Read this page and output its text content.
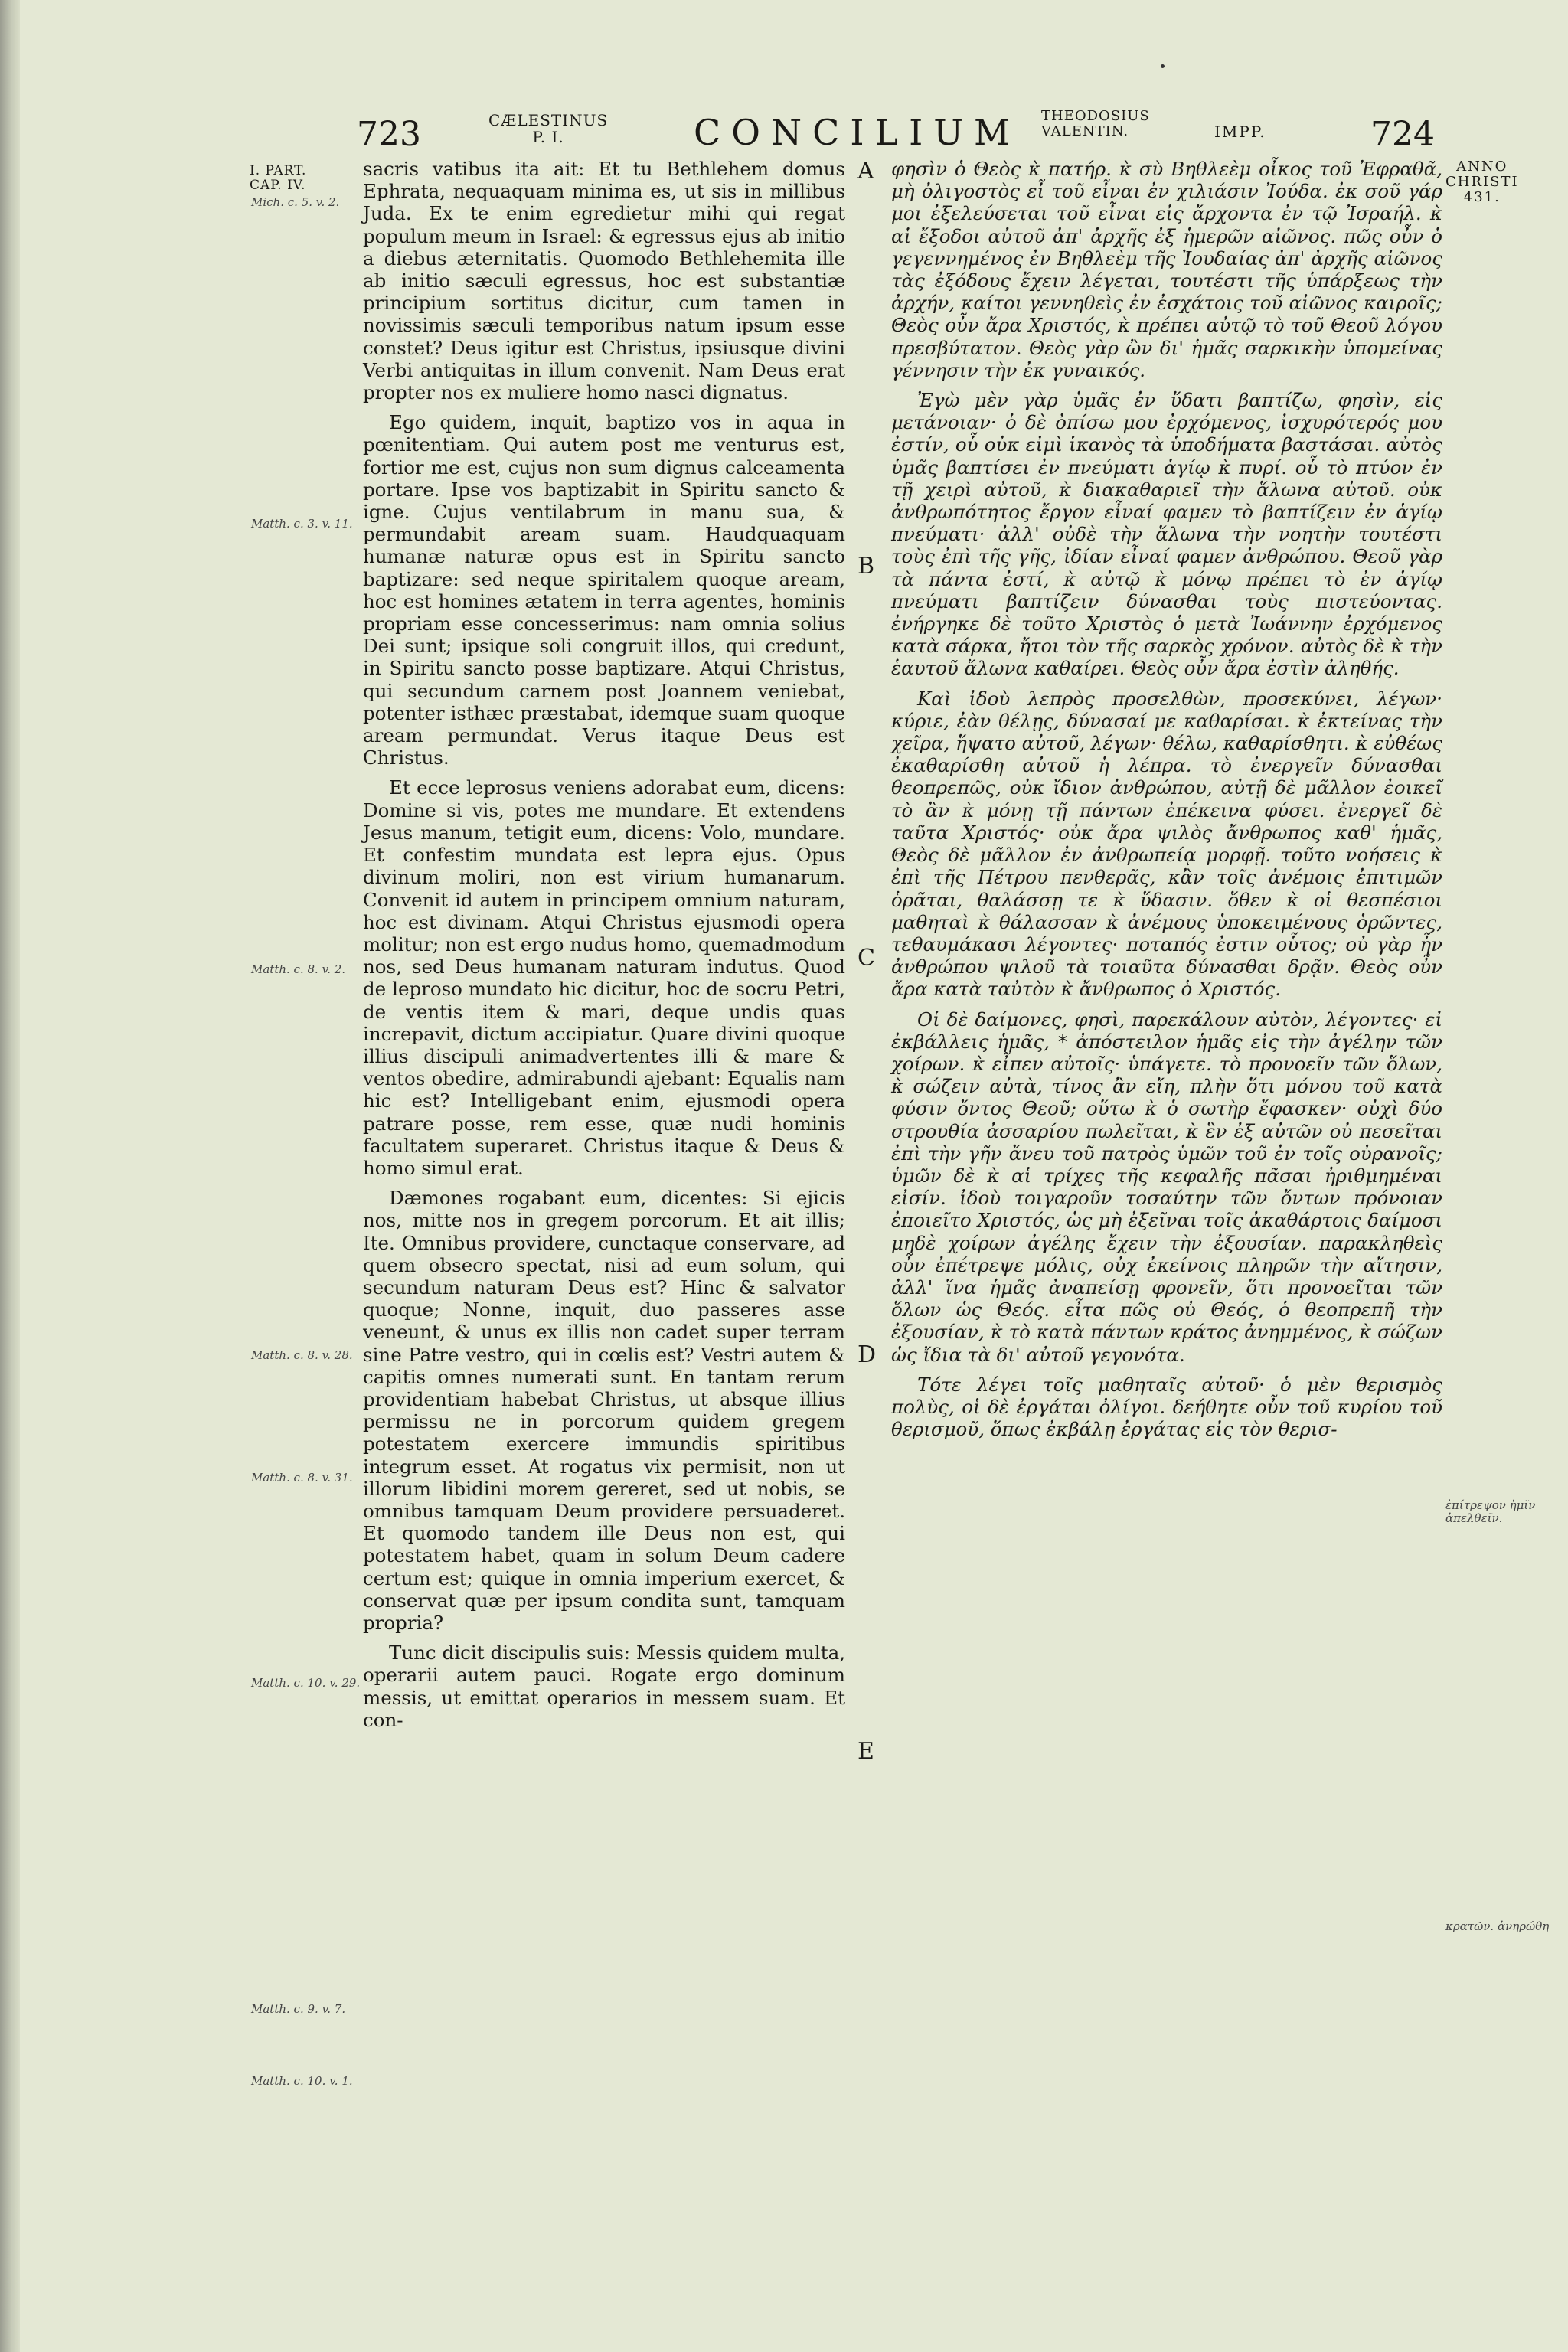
723	CÆLESTINUS
P. I.	CONCILIUM THEODOSIUS
VALENTIN.	IMPP.	724
ANNO
CHRISTI
431.
I. PART.
CAP. IV.
Mich. c. 5. v. 2.
Matth. c. 3. v. 11.
Matth. c. 8. v. 2.
Matth. c. 8. v. 28.
Matth. c. 8. v. 31.
Matth. c. 10. v. 29.
Matth. c. 9. v. 7.
Matth. c. 10. v. 1.

sacris vatibus ita ait: Et tu Bethlehem domus Ephrata, nequaquam minima es, ut sis in millibus Juda. Ex te enim egredietur mihi qui regat populum meum in Israel: & egressus ejus ab initio a diebus æternitatis. Quomodo Bethlehemita ille ab initio sæculi egressus, hoc est substantiæ principium sortitus dicitur, cum tamen in novissimis sæculi temporibus natum ipsum esse constet? Deus igitur est Christus, ipsiusque divini Verbi antiquitas in illum convenit. Nam Deus erat propter nos ex muliere homo nasci dignatus.

Ego quidem, inquit, baptizo vos in aqua in pœnitentiam. Qui autem post me venturus est, fortior me est, cujus non sum dignus calceamenta portare. Ipse vos baptizabit in Spiritu sancto & igne. Cujus ventilabrum in manu sua, & permundabit aream suam. Haudquaquam humanæ naturæ opus est in Spiritu sancto baptizare: sed neque spiritalem quoque aream, hoc est homines ætatem in terra agentes, hominis propriam esse concesserimus: nam omnia solius Dei sunt; ipsique soli congruit illos, qui credunt, in Spiritu sancto posse baptizare. Atqui Christus, qui secundum carnem post Joannem veniebat, potenter isthæc præstabat, idemque suam quoque aream permundat. Verus itaque Deus est Christus.

Et ecce leprosus veniens adorabat eum, dicens: Domine si vis, potes me mundare. Et extendens Jesus manum, tetigit eum, dicens: Volo, mundare. Et confestim mundata est lepra ejus. Opus divinum moliri, non est virium humanarum. Convenit id autem in principem omnium naturam, hoc est divinam. Atqui Christus ejusmodi opera molitur; non est ergo nudus homo, quemadmodum nos, sed Deus humanam naturam indutus. Quod de leproso mundato hic dicitur, hoc de socru Petri, de ventis item & mari, deque undis quas increpavit, dictum accipiatur. Quare divini quoque illius discipuli animadvertentes illi & mare & ventos obedire, admirabundi ajebant: Equalis nam hic est? Intelligebant enim, ejusmodi opera patrare posse, rem esse, quæ nudi hominis facultatem superaret. Christus itaque & Deus & homo simul erat.

Dæmones rogabant eum, dicentes: Si ejicis nos, mitte nos in gregem porcorum. Et ait illis; Ite. Omnibus providere, cunctaque conservare, ad quem obsecro spectat, nisi ad eum solum, qui secundum naturam Deus est? Hinc & salvator quoque; Nonne, inquit, duo passeres asse veneunt, & unus ex illis non cadet super terram sine Patre vestro, qui in cœlis est? Vestri autem & capitis omnes numerati sunt. En tantam rerum providentiam habebat Christus, ut absque illius permissu ne in porcorum quidem gregem potestatem exercere immundis spiritibus integrum esset. At rogatus vix permisit, non ut illorum libidini morem gereret, sed ut nobis, se omnibus tamquam Deum providere persuaderet. Et quomodo tandem ille Deus non est, qui potestatem habet, quam in solum Deum cadere certum est; quique in omnia imperium exercet, & conservat quæ per ipsum condita sunt, tamquam propria?

Tunc dicit discipulis suis: Messis quidem multa, operarii autem pauci. Rogate ergo dominum messis, ut emittat operarios in messem suam. Et con-

A
B
C
D
E

φησὶν ὁ Θεὸς κ̀ πατήρ. κ̀ σὺ Βηθλεὲμ οἶκος τοῦ Ἐφραθᾶ, μὴ ὀλιγοστὸς εἶ τοῦ εἶναι ἐν χιλιάσιν Ἰούδα. ἐκ σοῦ γάρ μοι ἐξελεύσεται τοῦ εἶναι εἰς ἄρχοντα ἐν τῷ Ἰσραήλ. κ̀ αἱ ἔξοδοι αὐτοῦ ἀπ' ἀρχῆς ἐξ ἡμερῶν αἰῶνος. πῶς οὖν ὁ γεγεννημένος ἐν Βηθλεὲμ τῆς Ἰουδαίας ἀπ' ἀρχῆς αἰῶνος τὰς ἐξόδους ἔχειν λέγεται, τουτέστι τῆς ὑπάρξεως τὴν ἀρχήν, καίτοι γεννηθεὶς ἐν ἐσχάτοις τοῦ αἰῶνος καιροῖς; Θεὸς οὖν ἄρα Χριστός, κ̀ πρέπει αὐτῷ τὸ τοῦ Θεοῦ λόγου πρεσβύτατον. Θεὸς γὰρ ὢν δι' ἡμᾶς σαρκικὴν ὑπομείνας γέννησιν τὴν ἐκ γυναικός.

Ἐγὼ μὲν γὰρ ὑμᾶς ἐν ὕδατι βαπτίζω, φησὶν, εἰς μετάνοιαν· ὁ δὲ ὀπίσω μου ἐρχόμενος, ἰσχυρότερός μου ἐστίν, οὗ οὐκ εἰμὶ ἱκανὸς τὰ ὑποδήματα βαστάσαι. αὐτὸς ὑμᾶς βαπτίσει ἐν πνεύματι ἁγίῳ κ̀ πυρί. οὗ τὸ πτύον ἐν τῇ χειρὶ αὐτοῦ, κ̀ διακαθαριεῖ τὴν ἅλωνα αὐτοῦ. οὐκ ἀνθρωπότητος ἔργον εἶναί φαμεν τὸ βαπτίζειν ἐν ἁγίῳ πνεύματι· ἀλλ' οὐδὲ τὴν ἅλωνα τὴν νοητὴν τουτέστι τοὺς ἐπὶ τῆς γῆς, ἰδίαν εἶναί φαμεν ἀνθρώπου. Θεοῦ γὰρ τὰ πάντα ἐστί, κ̀ αὐτῷ κ̀ μόνῳ πρέπει τὸ ἐν ἁγίῳ πνεύματι βαπτίζειν δύνασθαι τοὺς πιστεύοντας. ἐνήργηκε δὲ τοῦτο Χριστὸς ὁ μετὰ Ἰωάννην ἐρχόμενος κατὰ σάρκα, ἤτοι τὸν τῆς σαρκὸς χρόνον. αὐτὸς δὲ κ̀ τὴν ἑαυτοῦ ἅλωνα καθαίρει. Θεὸς οὖν ἄρα ἐστὶν ἀληθής.

Καὶ ἰδοὺ λεπρὸς προσελθὼν, προσεκύνει, λέγων· κύριε, ἐὰν θέλῃς, δύνασαί με καθαρίσαι. κ̀ ἐκτείνας τὴν χεῖρα, ἥψατο αὐτοῦ, λέγων· θέλω, καθαρίσθητι. κ̀ εὐθέως ἐκαθαρίσθη αὐτοῦ ἡ λέπρα. τὸ ἐνεργεῖν δύνασθαι θεοπρεπῶς, οὐκ ἴδιον ἀνθρώπου, αὐτῇ δὲ μᾶλλον ἐοικεῖ τὸ ἂν κ̀ μόνῃ τῇ πάντων ἐπέκεινα φύσει. ἐνεργεῖ δὲ ταῦτα Χριστός· οὐκ ἄρα ψιλὸς ἄνθρωπος καθ' ἡμᾶς, Θεὸς δὲ μᾶλλον ἐν ἀνθρωπείᾳ μορφῇ. τοῦτο νοήσεις κ̀ ἐπὶ τῆς Πέτρου πενθερᾶς, κἂν τοῖς ἀνέμοις ἐπιτιμῶν ὁρᾶται, θαλάσσῃ τε κ̀ ὕδασιν. ὅθεν κ̀ οἱ θεσπέσιοι μαθηταὶ κ̀ θάλασσαν κ̀ ἀνέμους ὑποκειμένους ὁρῶντες, τεθαυμάκασι λέγοντες· ποταπός ἐστιν οὗτος; οὐ γὰρ ἦν ἀνθρώπου ψιλοῦ τὰ τοιαῦτα δύνασθαι δρᾷν. Θεὸς οὖν ἄρα κατὰ ταὐτὸν κ̀ ἄνθρωπος ὁ Χριστός.

Οἱ δὲ δαίμονες, φησὶ, παρεκάλουν αὐτὸν, λέγοντες· εἰ ἐκβάλλεις ἡμᾶς, * ἀπόστειλον ἡμᾶς εἰς τὴν ἀγέλην τῶν χοίρων. κ̀ εἶπεν αὐτοῖς· ὑπάγετε. τὸ προνοεῖν τῶν ὅλων, κ̀ σώζειν αὐτὰ, τίνος ἂν εἴη, πλὴν ὅτι μόνου τοῦ κατὰ φύσιν ὄντος Θεοῦ; οὕτω κ̀ ὁ σωτὴρ ἔφασκεν· οὐχὶ δύο στρουθία ἀσσαρίου πωλεῖται, κ̀ ἓν ἐξ αὐτῶν οὐ πεσεῖται ἐπὶ τὴν γῆν ἄνευ τοῦ πατρὸς ὑμῶν τοῦ ἐν τοῖς οὐρανοῖς; ὑμῶν δὲ κ̀ αἱ τρίχες τῆς κεφαλῆς πᾶσαι ἠριθμημέναι εἰσίν. ἰδοὺ τοιγαροῦν τοσαύτην τῶν ὄντων πρόνοιαν ἐποιεῖτο Χριστός, ὡς μὴ ἐξεῖναι τοῖς ἀκαθάρτοις δαίμοσι μηδὲ χοίρων ἀγέλης ἔχειν τὴν ἐξουσίαν. παρακληθεὶς οὖν ἐπέτρεψε μόλις, οὐχ ἐκείνοις πληρῶν τὴν αἴτησιν, ἀλλ' ἵνα ἡμᾶς ἀναπείσῃ φρονεῖν, ὅτι προνοεῖται τῶν ὅλων ὡς Θεός. εἶτα πῶς οὐ Θεός, ὁ θεοπρεπῆ τὴν ἐξουσίαν, κ̀ τὸ κατὰ πάντων κράτος ἀνημμένος, κ̀ σώζων ὡς ἴδια τὰ δι' αὐτοῦ γεγονότα.

Τότε λέγει τοῖς μαθηταῖς αὐτοῦ· ὁ μὲν θερισμὸς πολὺς, οἱ δὲ ἐργάται ὀλίγοι. δεήθητε οὖν τοῦ κυρίου τοῦ θερισμοῦ, ὅπως ἐκβάλῃ ἐργάτας εἰς τὸν θερισ-

ἐπίτρεψον ἡμῖν ἀπελθεῖν.
κρατῶν. ἀνηρώθη
